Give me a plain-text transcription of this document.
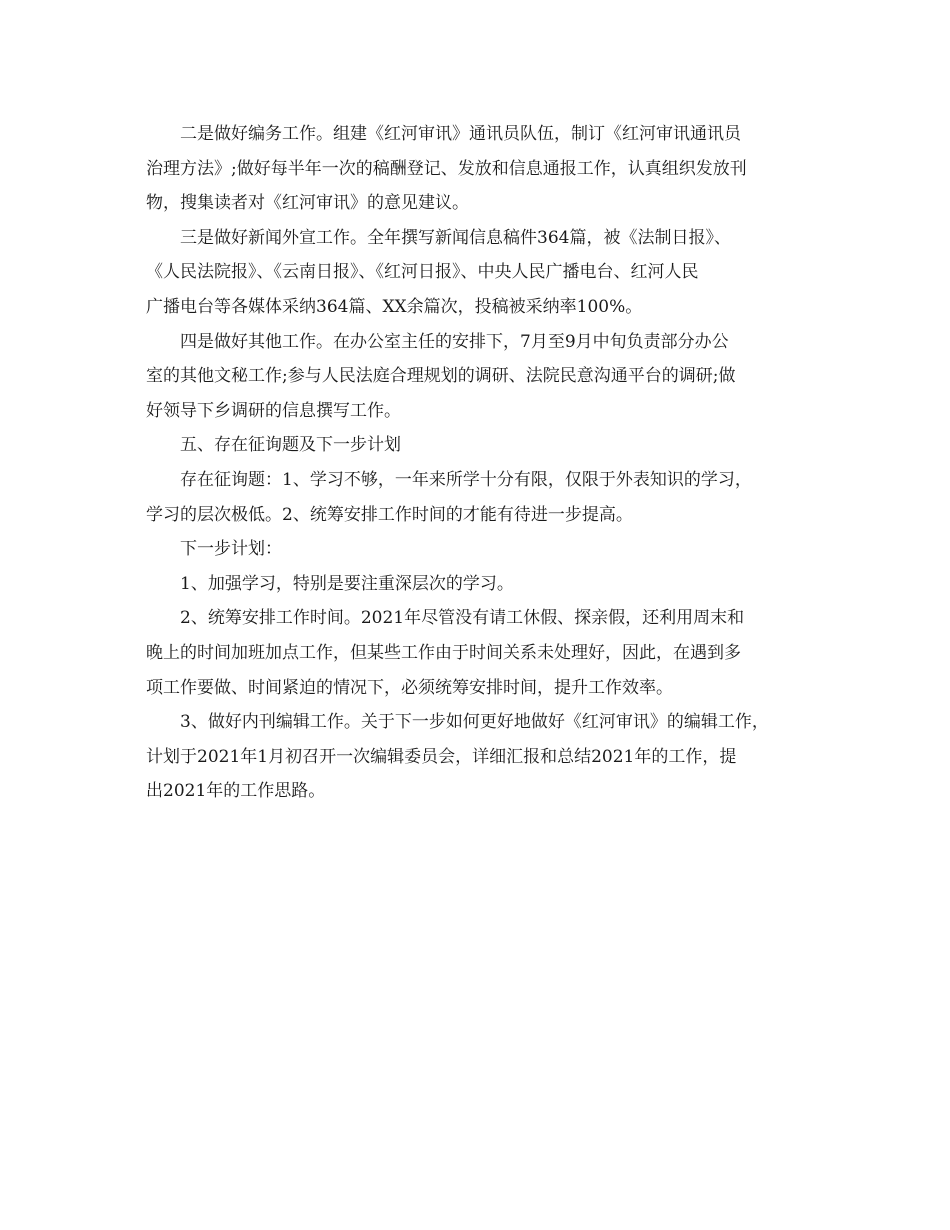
二是做好编务工作。组建《红河审讯》通讯员队伍，制订《红河审讯通讯员
治理方法》;做好每半年一次的稿酬登记、发放和信息通报工作，认真组织发放刊
物，搜集读者对《红河审讯》的意见建议。
三是做好新闻外宣工作。全年撰写新闻信息稿件364篇，被《法制日报》、
《人民法院报》、《云南日报》、《红河日报》、中央人民广播电台、红河人民
广播电台等各媒体采纳364篇、XX余篇次，投稿被采纳率100%。
四是做好其他工作。在办公室主任的安排下，7月至9月中旬负责部分办公
室的其他文秘工作;参与人民法庭合理规划的调研、法院民意沟通平台的调研;做
好领导下乡调研的信息撰写工作。
五、存在征询题及下一步计划
存在征询题：1、学习不够，一年来所学十分有限，仅限于外表知识的学习，
学习的层次极低。2、统筹安排工作时间的才能有待进一步提高。
下一步计划：
1、加强学习，特别是要注重深层次的学习。
2、统筹安排工作时间。2021年尽管没有请工休假、探亲假，还利用周末和
晚上的时间加班加点工作，但某些工作由于时间关系未处理好，因此，在遇到多
项工作要做、时间紧迫的情况下，必须统筹安排时间，提升工作效率。
3、做好内刊编辑工作。关于下一步如何更好地做好《红河审讯》的编辑工作，
计划于2021年1月初召开一次编辑委员会，详细汇报和总结2021年的工作，提
出2021年的工作思路。
